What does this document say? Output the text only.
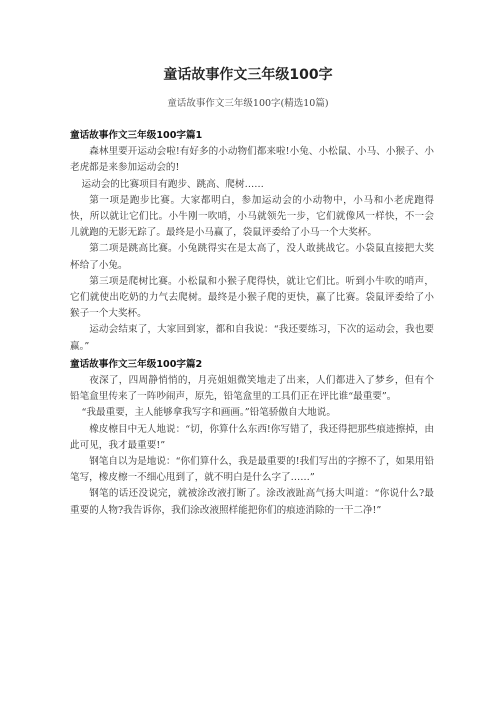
童话故事作文三年级100字
童话故事作文三年级100字(精选10篇)
童话故事作文三年级100字篇1

森林里要开运动会啦!有好多的小动物们都来啦!小兔、小松鼠、小马、小猴子、小老虎都是来参加运动会的!

运动会的比赛项目有跑步、跳高、爬树……

第一项是跑步比赛。大家都明白，参加运动会的小动物中，小马和小老虎跑得快，所以就让它们比。小牛刚一吹哨，小马就领先一步，它们就像风一样快，不一会儿就跑的无影无踪了。最终是小马赢了，袋鼠评委给了小马一个大奖杯。

第二项是跳高比赛。小兔跳得实在是太高了，没人敢挑战它。小袋鼠直接把大奖杯给了小兔。

第三项是爬树比赛。小松鼠和小猴子爬得快，就让它们比。听到小牛吹的哨声，它们就使出吃奶的力气去爬树。最终是小猴子爬的更快，赢了比赛。袋鼠评委给了小猴子一个大奖杯。

运动会结束了，大家回到家，都和自我说：“我还要练习，下次的运动会，我也要赢。”

童话故事作文三年级100字篇2

夜深了，四周静悄悄的，月亮姐姐微笑地走了出来，人们都进入了梦乡，但有个铅笔盒里传来了一阵吵闹声，原先，铅笔盒里的工具们正在评比谁“最重要”。

“我最重要，主人能够拿我写字和画画。”铅笔骄傲自大地说。

橡皮檫目中无人地说：“切，你算什么东西!你写错了，我还得把那些痕迹擦掉，由此可见，我才最重要!”

钢笔自以为是地说：“你们算什么，我是最重要的!我们写出的字擦不了，如果用铅笔写，橡皮檫一不细心甩到了，就不明白是什么字了……”

钢笔的话还没说完，就被涂改液打断了。涂改液趾高气扬大叫道：“你说什么?最重要的人物?我告诉你，我们涂改液照样能把你们的痕迹消除的一干二净!”
